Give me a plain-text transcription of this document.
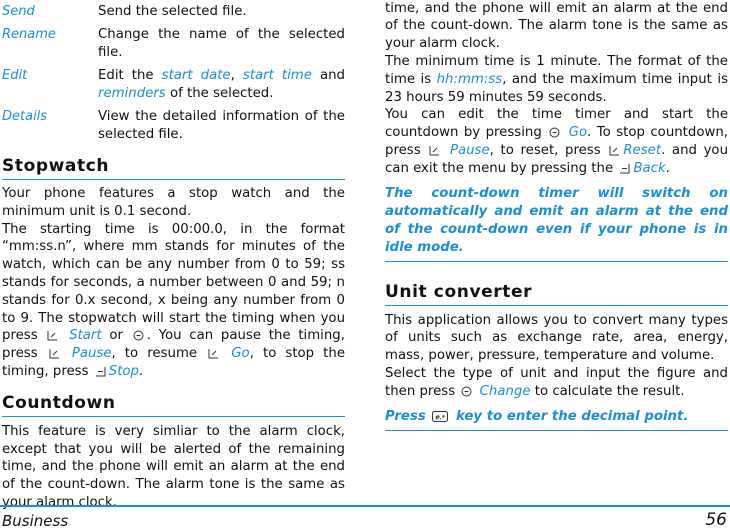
Send	Send the selected file.
Rename	Change the name of the selected file.
Edit	Edit the start date, start time and reminders of the selected.
Details	View the detailed information of the selected file.
Stopwatch

Your phone features a stop watch and the minimum unit is 0.1 second.

The starting time is 00:00.0, in the format “mm:ss.n”, where mm stands for minutes of the watch, which can be any number from 0 to 59; ss stands for seconds, a number between 0 and 59; n stands for 0.x second, x being any number from 0 to 9. The stopwatch will start the timing when you press Start or . You can pause the timing, press	Pause, to resume	Go, to stop the timing, press Stop.

Countdown

This feature is very simliar to the alarm clock, except that you will be alerted of the remaining time, and the phone will emit an alarm at the end of the count-down. The alarm tone is the same as your alarm clock.

time, and the phone will emit an alarm at the end of the count-down. The alarm tone is the same as your alarm clock.

The minimum time is 1 minute. The format of the time is hh:mm:ss, and the maximum time input is 23 hours 59 minutes 59 seconds.

You can edit the time timer and start the countdown by pressing Go. To stop countdown, press Pause, to reset, press Reset. and you can exit the menu by pressing the Back.

The count-down timer will switch on automatically and emit an alarm at the end of the count-down even if your phone is in idle mode.

Unit converter

This application allows you to convert many types of units such as exchange rate, area, energy, mass, power, pressure, temperature and volume.

Select the type of unit and input the figure and then press Change to calculate the result.

Press #.* key to enter the decimal point.

Business	56
